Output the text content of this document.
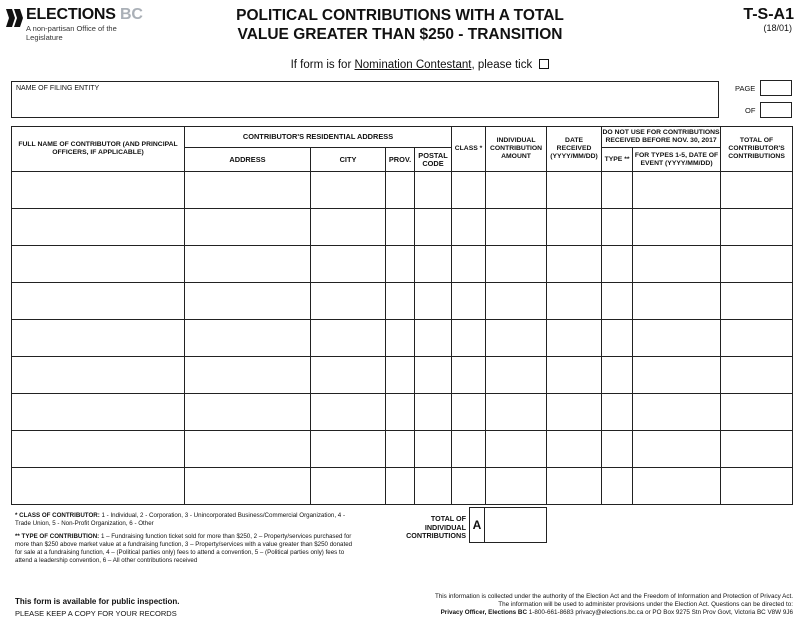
ELECTIONS BC
A non-partisan Office of the Legislature
POLITICAL CONTRIBUTIONS WITH A TOTAL
VALUE GREATER THAN $250 - TRANSITION
T-S-A1
(18/01)
If form is for Nomination Contestant, please tick
NAME OF FILING ENTITY	PAGE
OF
FULL NAME OF CONTRIBUTOR (AND PRINCIPAL OFFICERS, IF APPLICABLE)	CONTRIBUTOR'S RESIDENTIAL ADDRESS				CLASS *	INDIVIDUAL CONTRIBUTION AMOUNT	DATE RECEIVED (YYYY/MM/DD)	DO NOT USE FOR CONTRIBUTIONS RECEIVED BEFORE NOV. 30, 2017		TOTAL OF CONTRIBUTOR'S CONTRIBUTIONS
	ADDRESS	CITY	PROV.	POSTAL CODE				TYPE **	FOR TYPES 1-5, DATE OF EVENT (YYYY/MM/DD)	

* CLASS OF CONTRIBUTOR: 1 - Individual, 2 - Corporation, 3 - Unincorporated Business/Commercial Organization, 4 - Trade Union, 5 - Non-Profit Organization, 6 - Other

** TYPE OF CONTRIBUTION: 1 – Fundraising function ticket sold for more than $250, 2 – Property/services purchased for more than $250 above market value at a fundraising function, 3 – Property/services with a value greater than $250 donated for sale at a fundraising function, 4 – (Political parties only) fees to attend a convention, 5 – (Political parties only) fees to attend a leadership convention, 6 – All other contributions received

TOTAL OF INDIVIDUAL CONTRIBUTIONS
A
This form is available for public inspection.
PLEASE KEEP A COPY FOR YOUR RECORDS
This information is collected under the authority of the Election Act and the Freedom of Information and Protection of Privacy Act.
The information will be used to administer provisions under the Election Act. Questions can be directed to:
Privacy Officer, Elections BC 1-800-661-8683 privacy@elections.bc.ca or PO Box 9275 Stn Prov Govt, Victoria BC V8W 9J6
